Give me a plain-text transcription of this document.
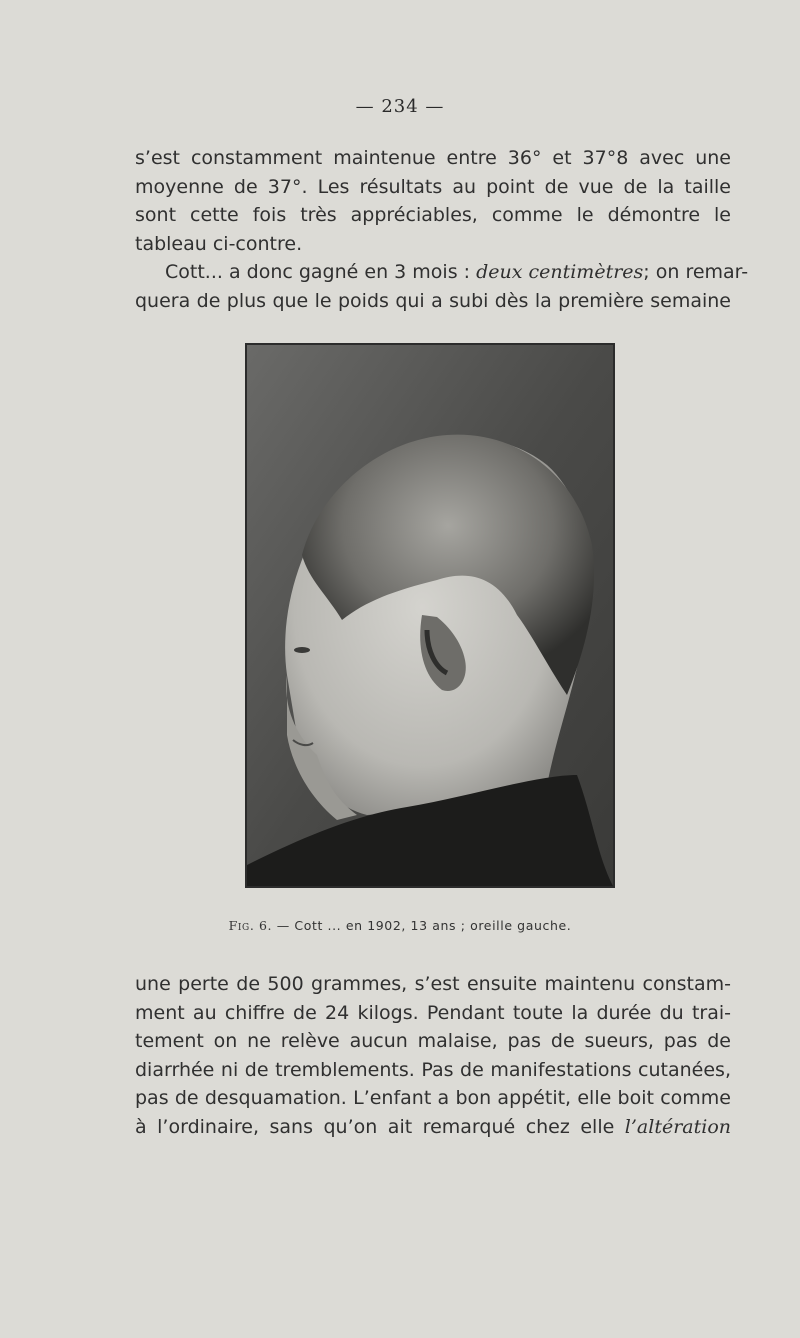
— 234 —
s’est constamment maintenue entre 36° et 37°8 avec une
moyenne de 37°. Les résultats au point de vue de la taille
sont cette fois très appréciables, comme le démontre le
tableau ci-contre.
Cott... a donc gagné en 3 mois : deux centimètres; on remar-
quera de plus que le poids qui a subi dès la première semaine
Fig. 6. — Cott ... en 1902, 13 ans ; oreille gauche.
une perte de 500 grammes, s’est ensuite maintenu constam-
ment au chiffre de 24 kilogs. Pendant toute la durée du trai-
tement on ne relève aucun malaise, pas de sueurs, pas de
diarrhée ni de tremblements. Pas de manifestations cutanées,
pas de desquamation. L’enfant a bon appétit, elle boit comme
à l’ordinaire, sans qu’on ait remarqué chez elle l’altération
